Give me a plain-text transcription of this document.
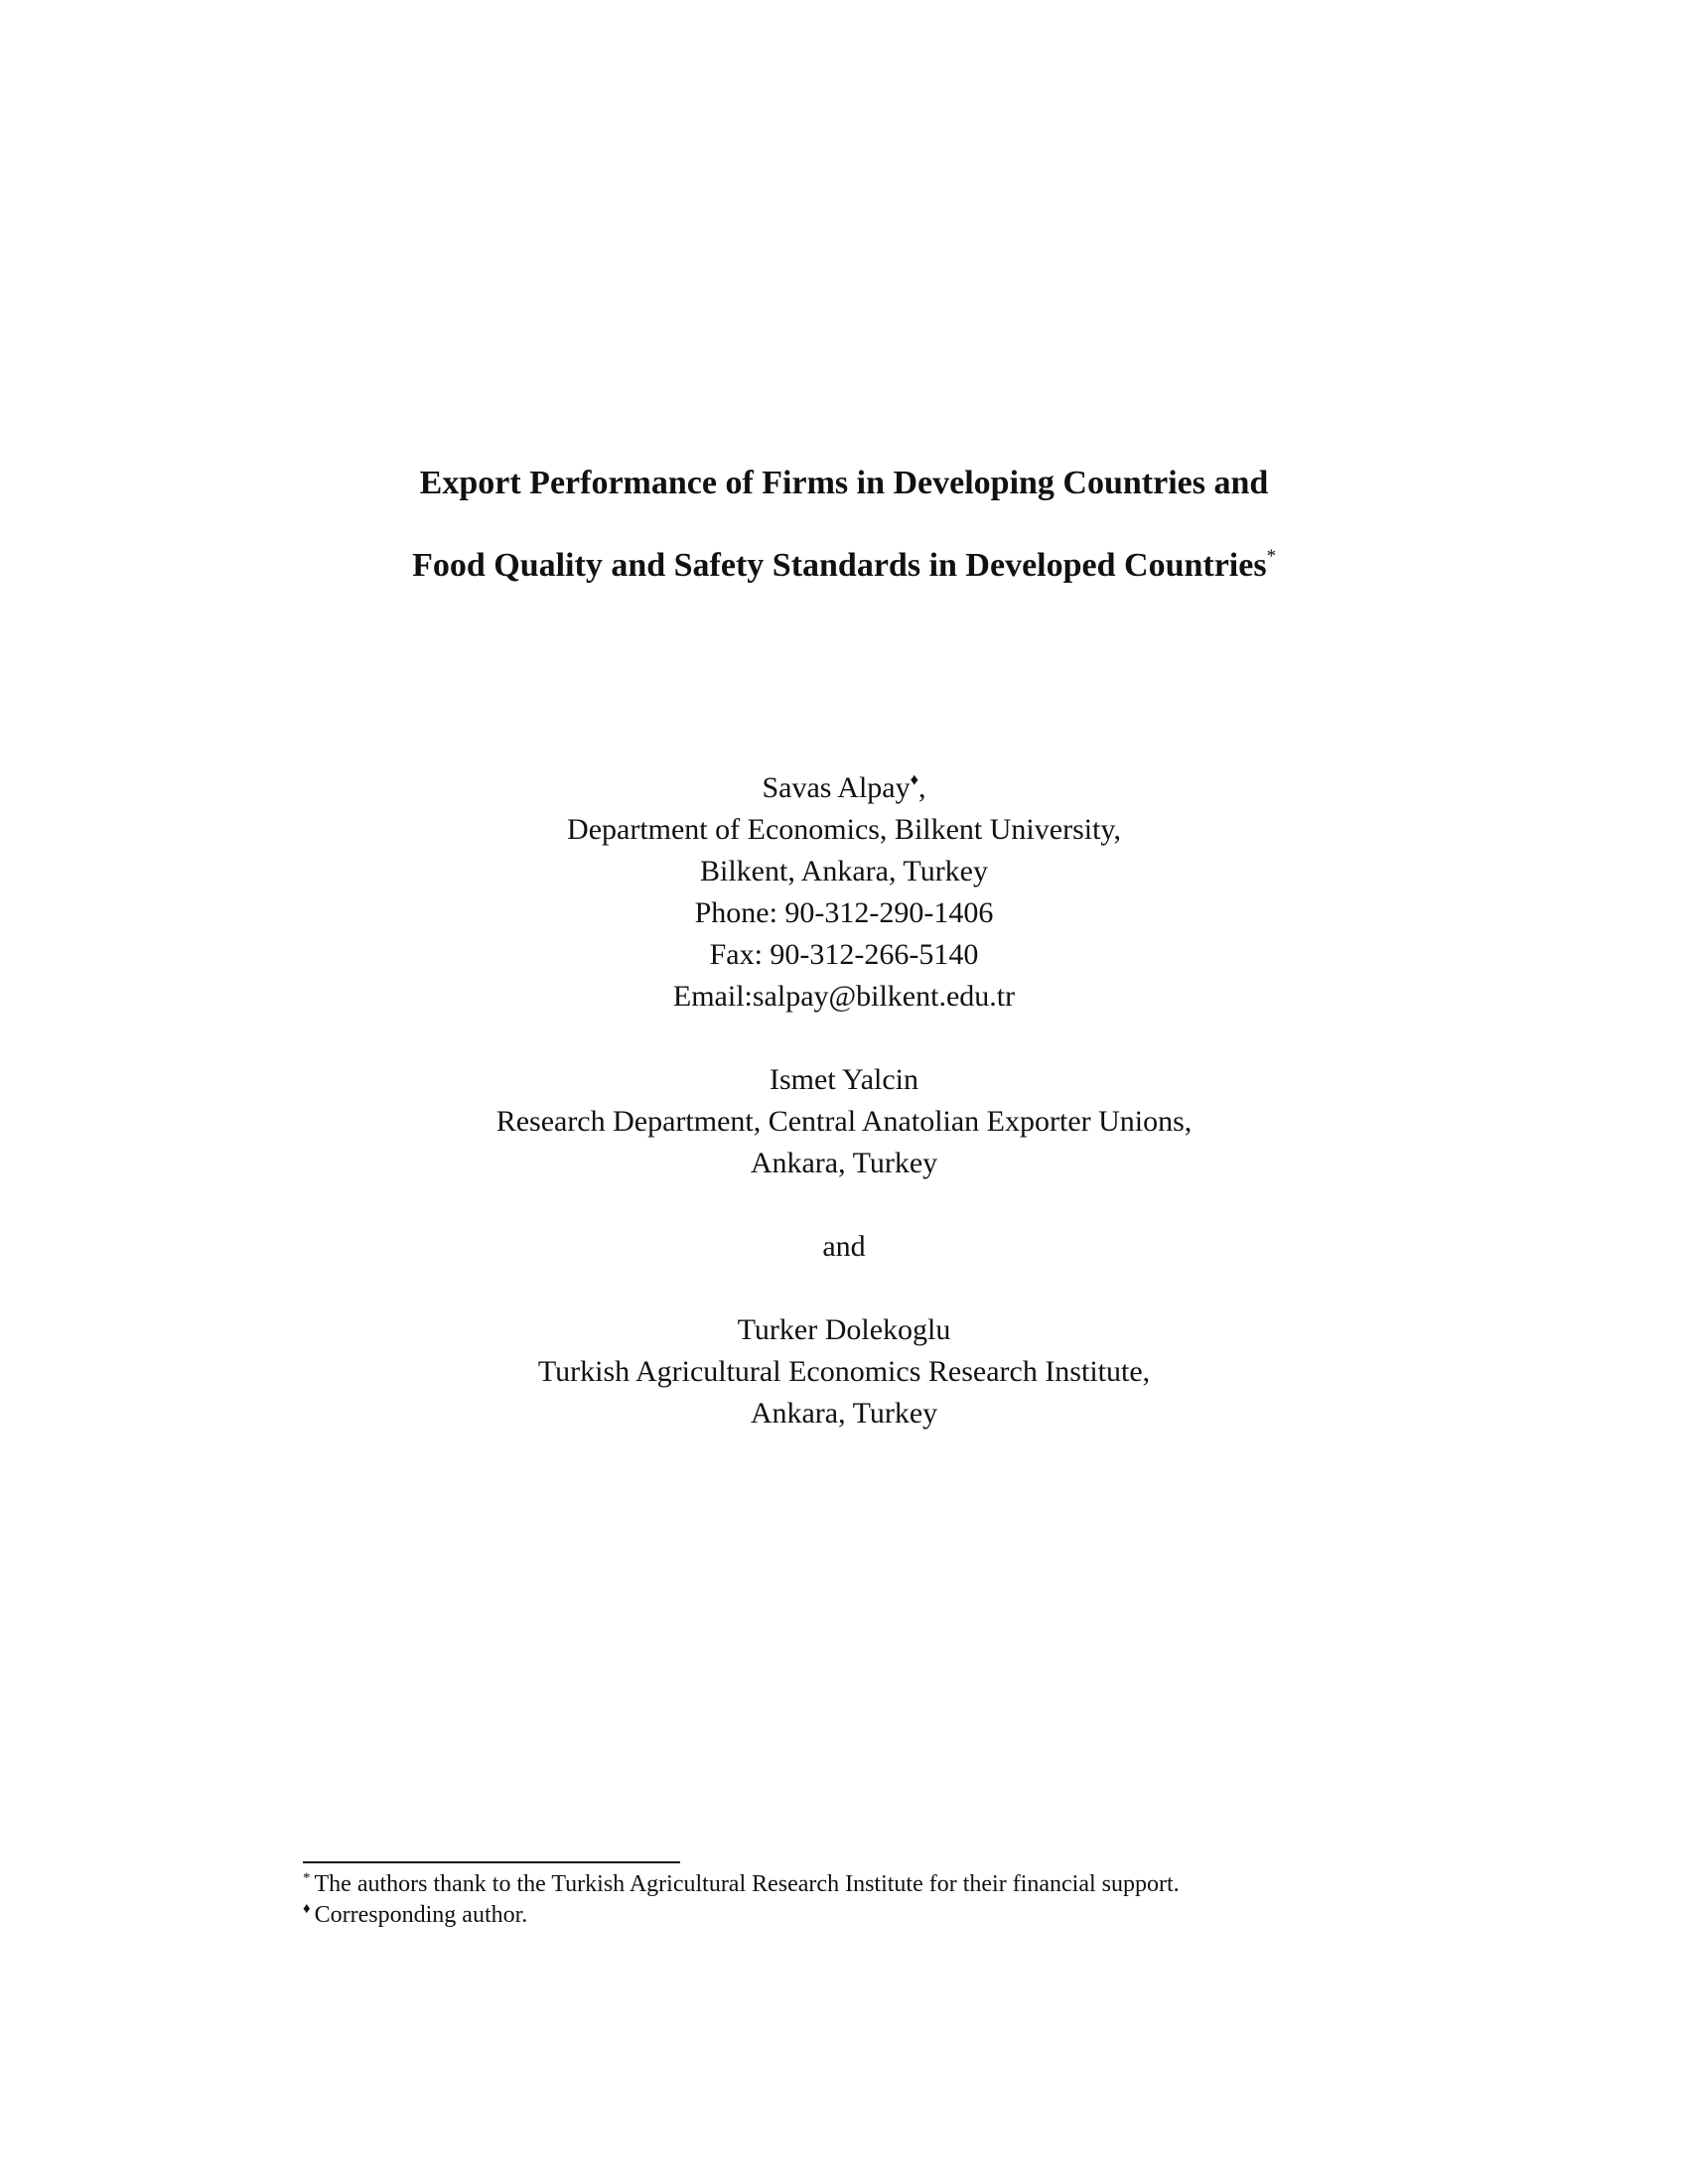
Export Performance of Firms in Developing Countries and

Food Quality and Safety Standards in Developed Countries*

Savas Alpay♦,
Department of Economics, Bilkent University,
Bilkent, Ankara, Turkey
Phone: 90-312-290-1406
Fax: 90-312-266-5140
Email:salpay@bilkent.edu.tr
Ismet Yalcin
Research Department, Central Anatolian Exporter Unions,
Ankara, Turkey
and
Turker Dolekoglu
Turkish Agricultural Economics Research Institute,
Ankara, Turkey
* The authors thank to the Turkish Agricultural Research Institute for their financial support.
♦ Corresponding author.
